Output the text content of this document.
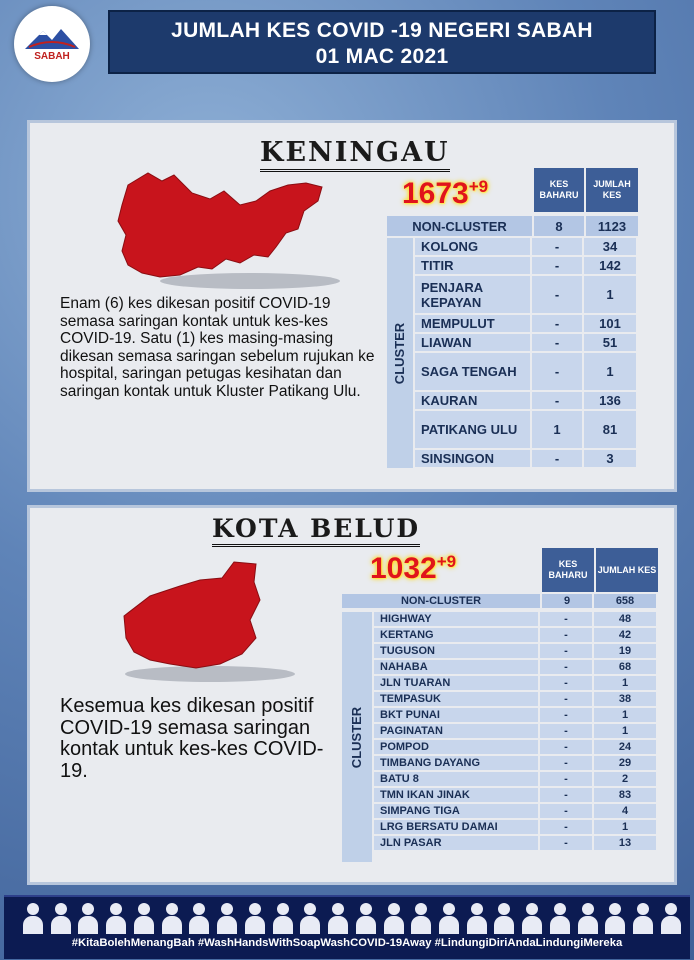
SABAH
JUMLAH KES COVID -19 NEGERI SABAH
01 MAC 2021
KENINGAU
$1673^{+9}$	KES BAHARU
JUMLAH KES
CLUSTER
NON-CLUSTER	8	1123
KOLONG	-	34
TITIR	-	142
PENJARA KEPAYAN	-	1
MEMPULUT	-	101
LIAWAN	-	51
SAGA TENGAH	-	1
KAURAN	-	136
PATIKANG ULU	1	81
SINSINGON	-	3
Enam (6) kes dikesan positif COVID-19 semasa saringan kontak untuk kes-kes COVID-19. Satu (1) kes masing-masing dikesan semasa saringan sebelum rujukan ke hospital, saringan petugas kesihatan dan saringan kontak untuk Kluster Patikang Ulu.
KOTA BELUD
$1032^{+9}$	KES BAHARU
JUMLAH KES
CLUSTER
NON-CLUSTER	9	658
HIGHWAY	-	48
KERTANG	-	42
TUGUSON	-	19
NAHABA	-	68
JLN TUARAN	-	1
TEMPASUK	-	38
BKT PUNAI	-	1
PAGINATAN	-	1
POMPOD	-	24
TIMBANG DAYANG	-	29
BATU 8	-	2
TMN IKAN JINAK	-	83
SIMPANG TIGA	-	4
LRG BERSATU DAMAI	-	1
JLN PASAR	-	13
Kesemua kes dikesan positif COVID-19 semasa saringan kontak untuk kes-kes COVID-19.
#KitaBolehMenangBah #WashHandsWithSoapWashCOVID-19Away #LindungiDiriAndaLindungiMereka
